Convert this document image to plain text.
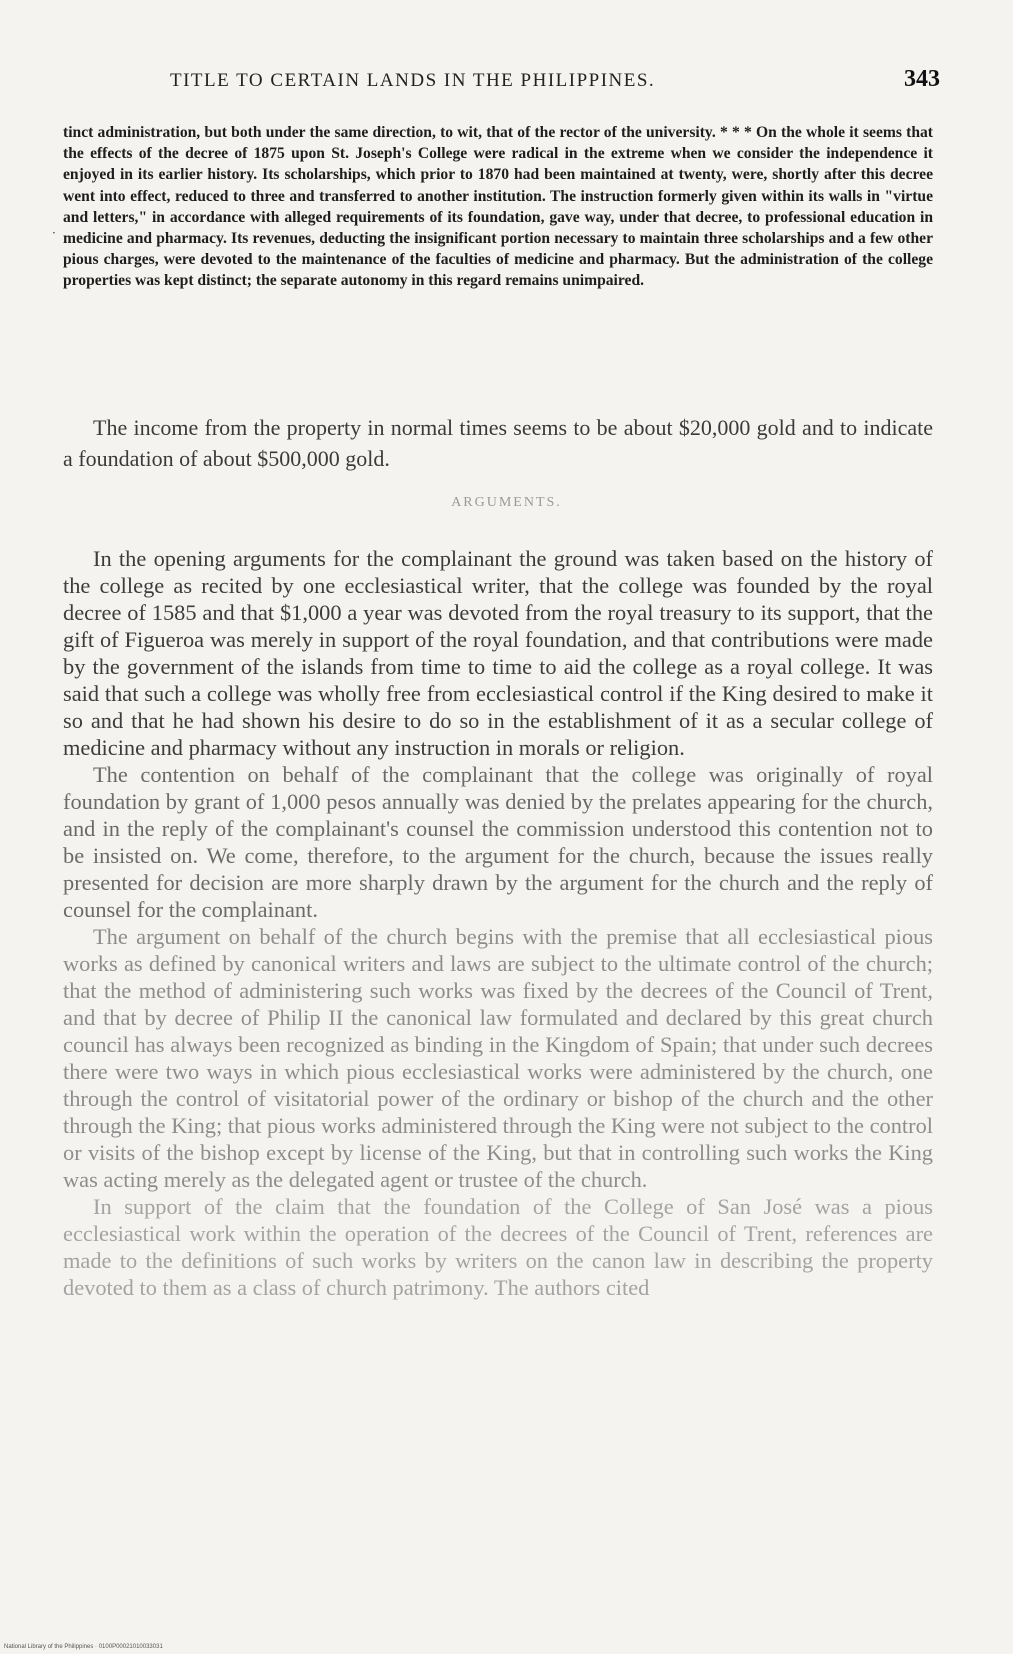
TITLE TO CERTAIN LANDS IN THE PHILIPPINES.	343
·
tinct administration, but both under the same direction, to wit, that of the rector of the university. * * * On the whole it seems that the effects of the decree of 1875 upon St. Joseph's College were radical in the extreme when we consider the independence it enjoyed in its earlier history. Its scholarships, which prior to 1870 had been maintained at twenty, were, shortly after this decree went into effect, reduced to three and transferred to another institution. The instruction formerly given within its walls in "virtue and letters," in accordance with alleged requirements of its foundation, gave way, under that decree, to professional education in medicine and pharmacy. Its revenues, deducting the insignificant portion necessary to maintain three scholarships and a few other pious charges, were devoted to the maintenance of the faculties of medicine and pharmacy. But the administration of the college properties was kept distinct; the separate autonomy in this regard remains unimpaired.
The income from the property in normal times seems to be about $20,000 gold and to indicate a foundation of about $500,000 gold.
ARGUMENTS.

In the opening arguments for the complainant the ground was taken based on the history of the college as recited by one ecclesiastical writer, that the college was founded by the royal decree of 1585 and that $1,000 a year was devoted from the royal treasury to its support, that the gift of Figueroa was merely in support of the royal foundation, and that contributions were made by the government of the islands from time to time to aid the college as a royal college. It was said that such a college was wholly free from ecclesiastical control if the King desired to make it so and that he had shown his desire to do so in the establishment of it as a secular college of medicine and pharmacy without any instruction in morals or religion.

The contention on behalf of the complainant that the college was originally of royal foundation by grant of 1,000 pesos annually was denied by the prelates appearing for the church, and in the reply of the complainant's counsel the commission understood this contention not to be insisted on. We come, therefore, to the argument for the church, because the issues really presented for decision are more sharply drawn by the argument for the church and the reply of counsel for the complainant.

The argument on behalf of the church begins with the premise that all ecclesiastical pious works as defined by canonical writers and laws are subject to the ultimate control of the church; that the method of administering such works was fixed by the decrees of the Council of Trent, and that by decree of Philip II the canonical law formulated and declared by this great church council has always been recognized as binding in the Kingdom of Spain; that under such decrees there were two ways in which pious ecclesiastical works were administered by the church, one through the control of visitatorial power of the ordinary or bishop of the church and the other through the King; that pious works administered through the King were not subject to the control or visits of the bishop except by license of the King, but that in controlling such works the King was acting merely as the delegated agent or trustee of the church.

In support of the claim that the foundation of the College of San José was a pious ecclesiastical work within the operation of the decrees of the Council of Trent, references are made to the definitions of such works by writers on the canon law in describing the property devoted to them as a class of church patrimony. The authors cited

National Library of the Philippines · 0100P00021010033031
